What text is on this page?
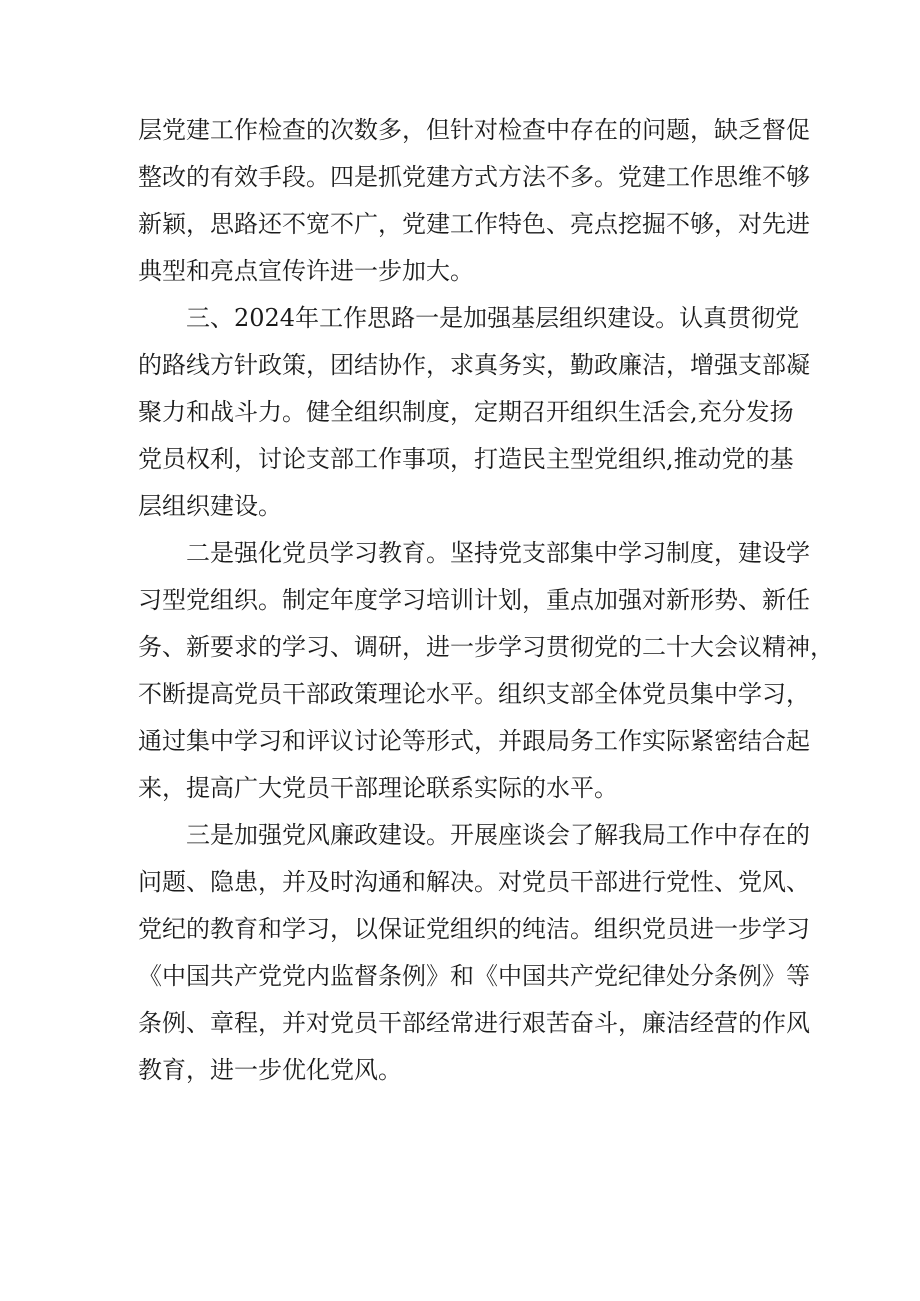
层党建工作检查的次数多，但针对检查中存在的问题，缺乏督促
整改的有效手段。四是抓党建方式方法不多。党建工作思维不够
新颖，思路还不宽不广，党建工作特色、亮点挖掘不够，对先进
典型和亮点宣传许进一步加大。
三、2024年工作思路一是加强基层组织建设。认真贯彻党
的路线方针政策，团结协作，求真务实，勤政廉洁，增强支部凝
聚力和战斗力。健全组织制度，定期召开组织生活会,充分发扬
党员权利，讨论支部工作事项，打造民主型党组织,推动党的基
层组织建设。
二是强化党员学习教育。坚持党支部集中学习制度，建设学
习型党组织。制定年度学习培训计划，重点加强对新形势、新任
务、新要求的学习、调研，进一步学习贯彻党的二十大会议精神，
不断提高党员干部政策理论水平。组织支部全体党员集中学习，
通过集中学习和评议讨论等形式，并跟局务工作实际紧密结合起
来，提高广大党员干部理论联系实际的水平。
三是加强党风廉政建设。开展座谈会了解我局工作中存在的
问题、隐患，并及时沟通和解决。对党员干部进行党性、党风、
党纪的教育和学习，以保证党组织的纯洁。组织党员进一步学习
《中国共产党党内监督条例》和《中国共产党纪律处分条例》等
条例、章程，并对党员干部经常进行艰苦奋斗，廉洁经营的作风
教育，进一步优化党风。
